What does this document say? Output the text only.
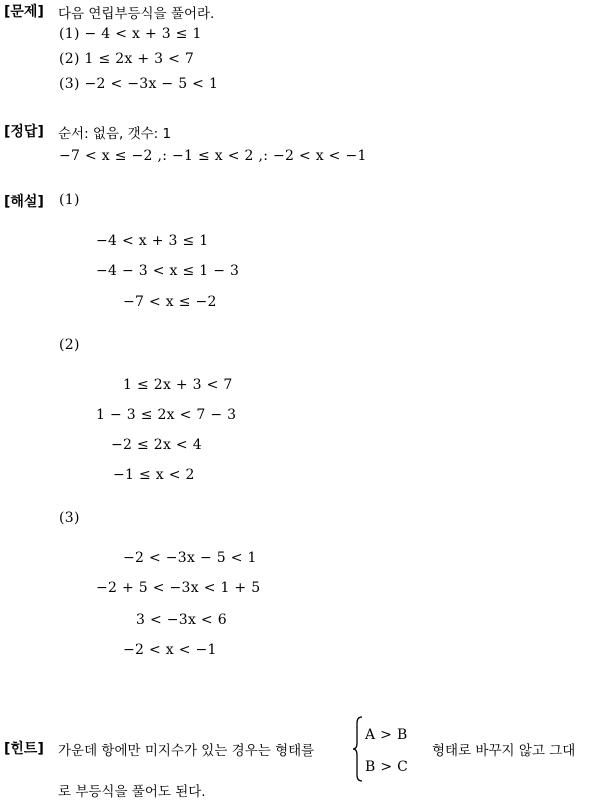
[문제] 다음 연립부등식을 풀어라.
(1) − 4 < x + 3 ≤ 1
(2) 1 ≤ 2x + 3 < 7
(3) −2 < −3x − 5 < 1
[정답] 순서: 없음, 갯수: 1
−7 < x ≤ −2 ,: −1 ≤ x < 2 ,: −2 < x < −1
[해설] (1)
−4 < x + 3 ≤ 1
−4 − 3 < x ≤ 1 − 3
−7 < x ≤ −2
(2)
1 ≤ 2x + 3 < 7
1 − 3 ≤ 2x < 7 − 3
−2 ≤ 2x < 4
−1 ≤ x < 2
(3)
−2 < −3x − 5 < 1
−2 + 5 < −3x < 1 + 5
3 < −3x < 6
−2 < x < −1
[힌트] 가운데 항에만 미지수가 있는 경우는 형태를
A > B
B > C
형태로 바꾸지 않고 그대
로 부등식을 풀어도 된다.
